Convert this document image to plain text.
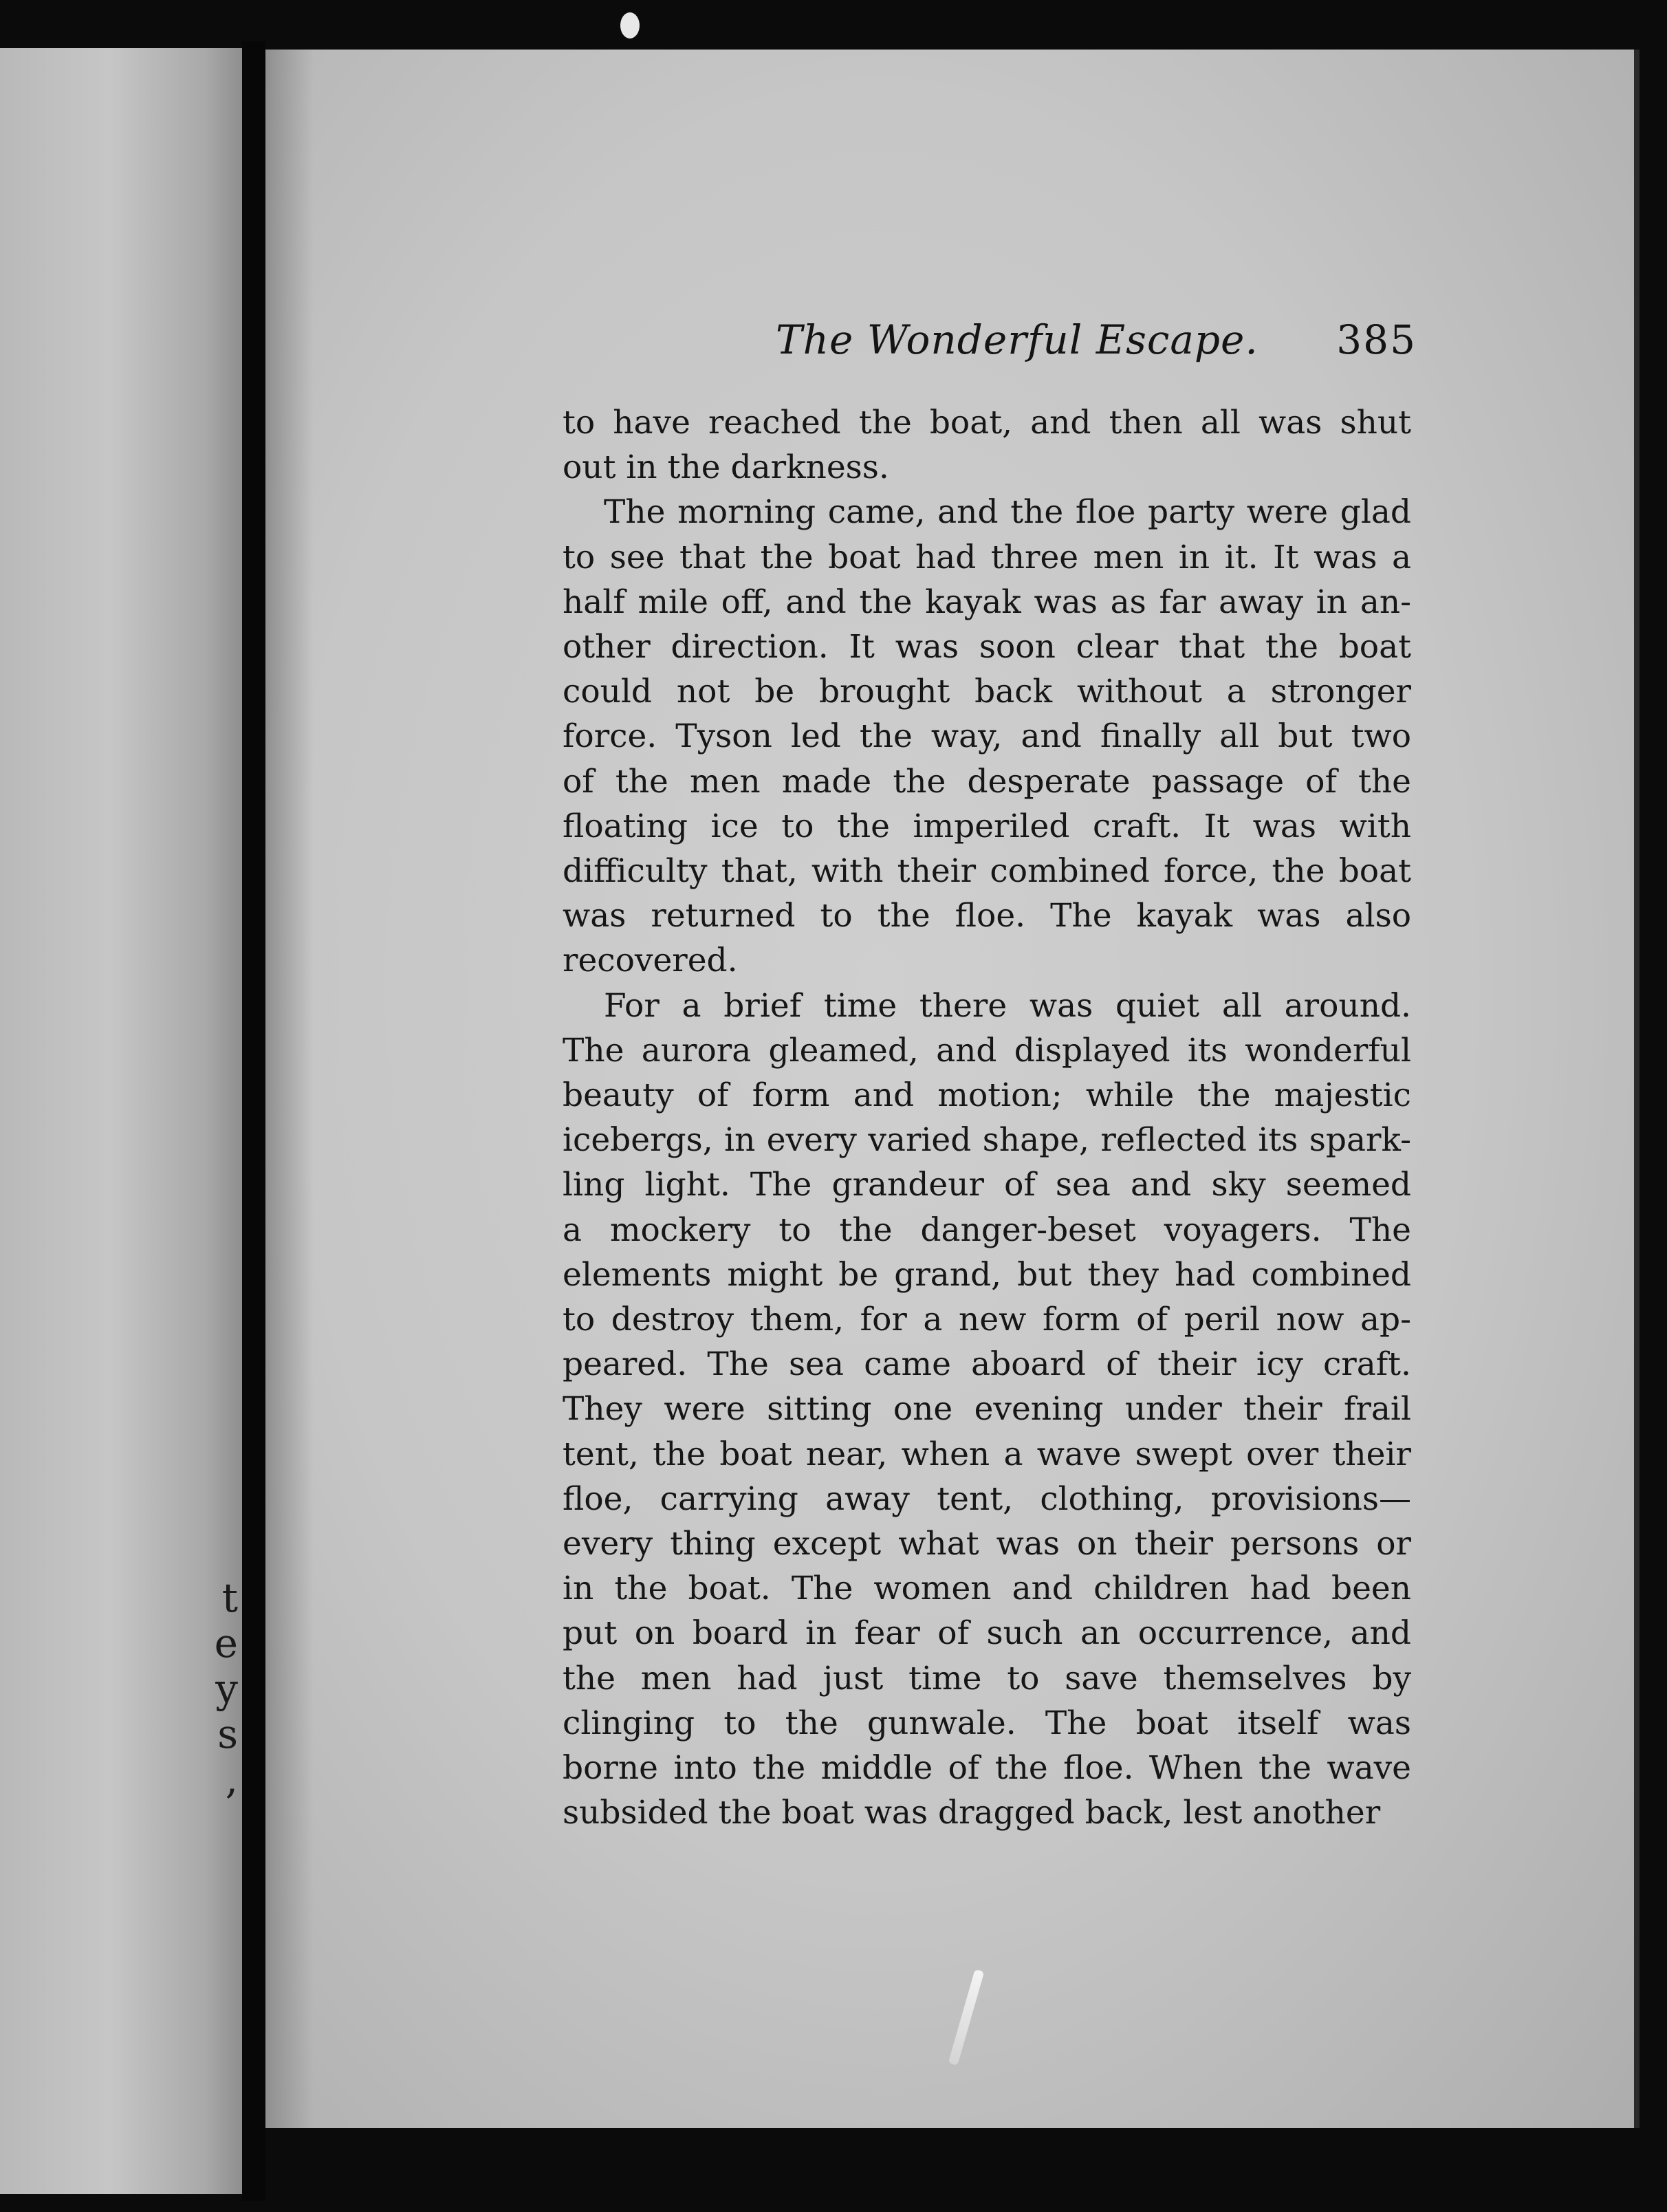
t
e
y
s
,
The Wonderful Escape. 385
to have reached the boat, and then all was shut
out in the darkness.
The morning came, and the floe party were glad
to see that the boat had three men in it. It was a
half mile off, and the kayak was as far away in an-
other direction. It was soon clear that the boat
could not be brought back without a stronger
force. Tyson led the way, and finally all but two
of the men made the desperate passage of the
floating ice to the imperiled craft. It was with
difficulty that, with their combined force, the boat
was returned to the floe. The kayak was also
recovered.
For a brief time there was quiet all around.
The aurora gleamed, and displayed its wonderful
beauty of form and motion; while the majestic
icebergs, in every varied shape, reflected its spark-
ling light. The grandeur of sea and sky seemed
a mockery to the danger-beset voyagers. The
elements might be grand, but they had combined
to destroy them, for a new form of peril now ap-
peared. The sea came aboard of their icy craft.
They were sitting one evening under their frail
tent, the boat near, when a wave swept over their
floe, carrying away tent, clothing, provisions—
every thing except what was on their persons or
in the boat. The women and children had been
put on board in fear of such an occurrence, and
the men had just time to save themselves by
clinging to the gunwale. The boat itself was
borne into the middle of the floe. When the wave
subsided the boat was dragged back, lest another
